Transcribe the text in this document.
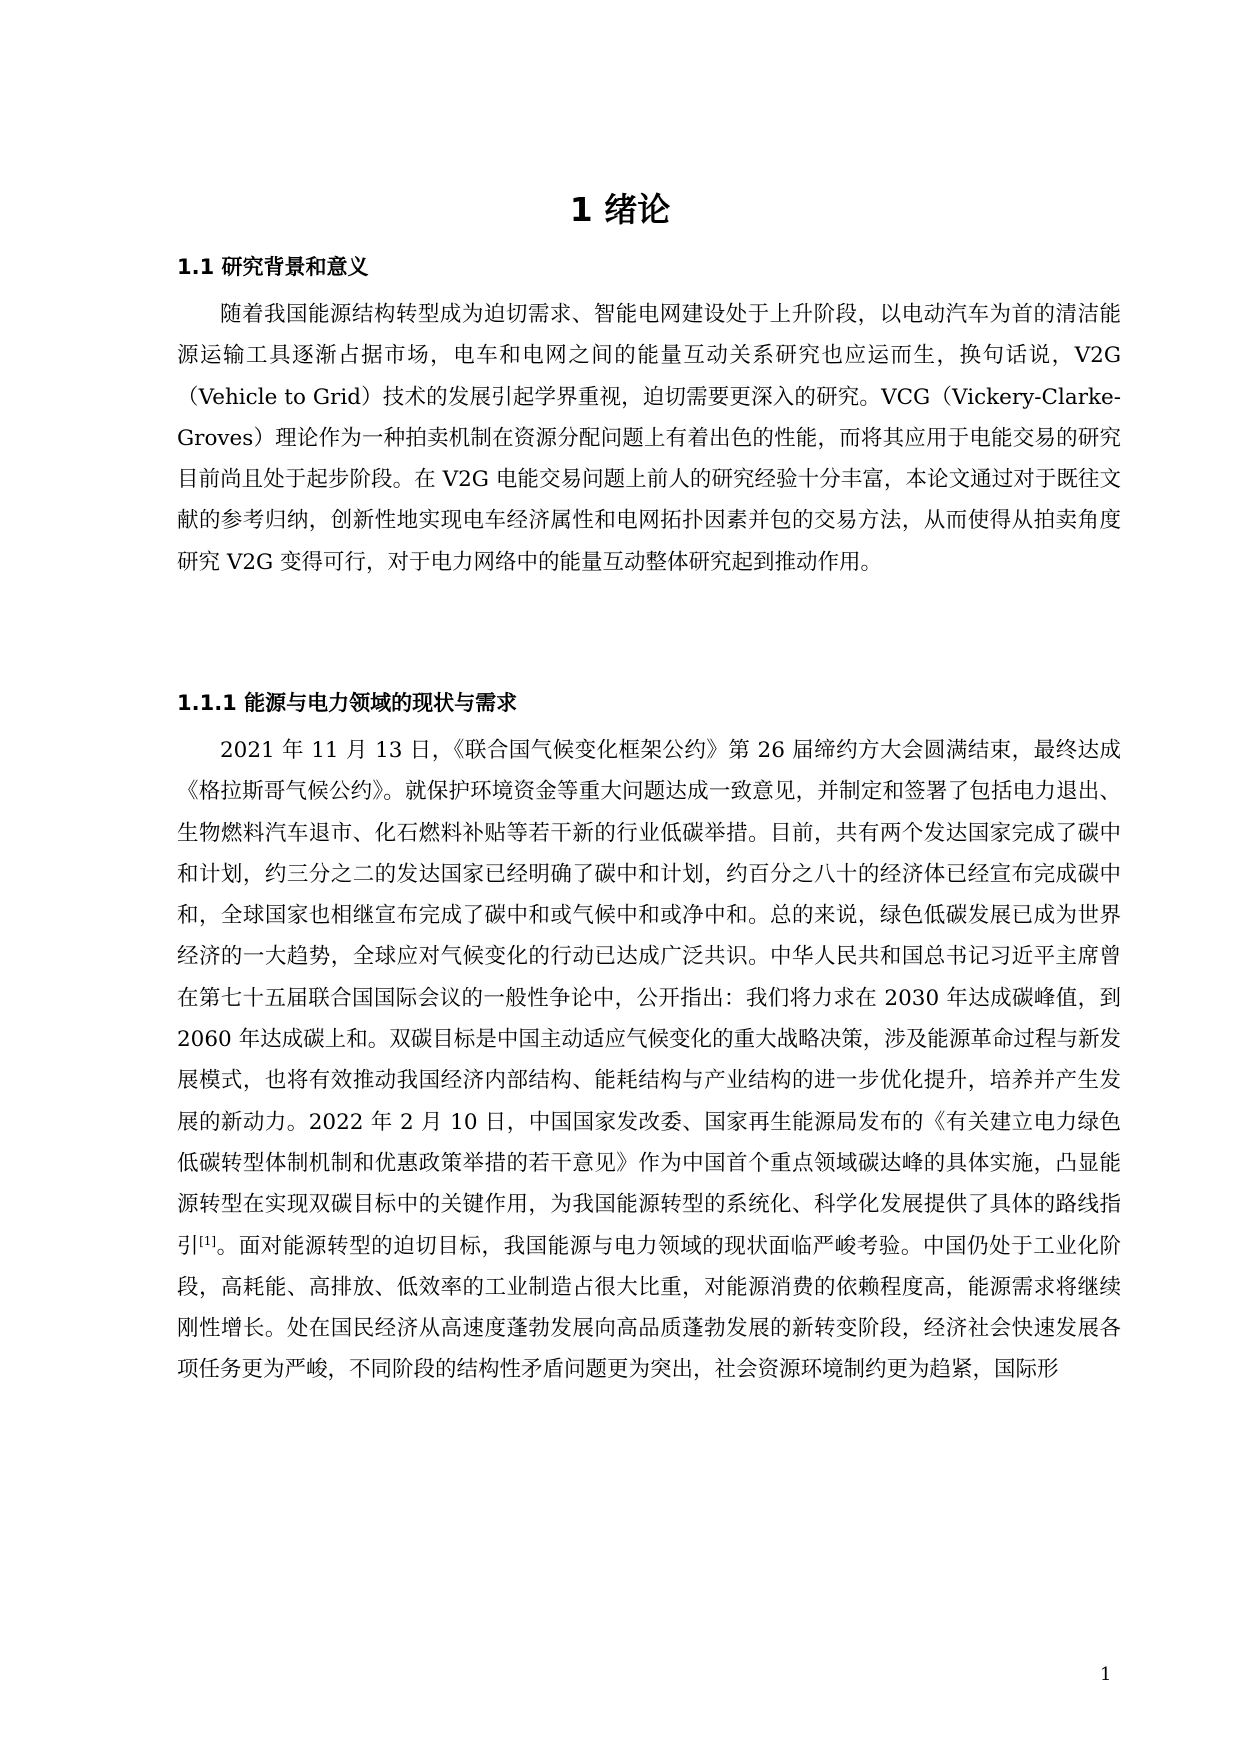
1 绪论
1.1 研究背景和意义

随着我国能源结构转型成为迫切需求、智能电网建设处于上升阶段，以电动汽车为首的清洁能源运输工具逐渐占据市场，电车和电网之间的能量互动关系研究也应运而生，换句话说，V2G（Vehicle to Grid）技术的发展引起学界重视，迫切需要更深入的研究。VCG（Vickery-Clarke-Groves）理论作为一种拍卖机制在资源分配问题上有着出色的性能，而将其应用于电能交易的研究目前尚且处于起步阶段。在 V2G 电能交易问题上前人的研究经验十分丰富，本论文通过对于既往文献的参考归纳，创新性地实现电车经济属性和电网拓扑因素并包的交易方法，从而使得从拍卖角度研究 V2G 变得可行，对于电力网络中的能量互动整体研究起到推动作用。

1.1.1 能源与电力领域的现状与需求

2021 年 11 月 13 日，《联合国气候变化框架公约》第 26 届缔约方大会圆满结束，最终达成《格拉斯哥气候公约》。就保护环境资金等重大问题达成一致意见，并制定和签署了包括电力退出、生物燃料汽车退市、化石燃料补贴等若干新的行业低碳举措。目前，共有两个发达国家完成了碳中和计划，约三分之二的发达国家已经明确了碳中和计划，约百分之八十的经济体已经宣布完成碳中和，全球国家也相继宣布完成了碳中和或气候中和或净中和。总的来说，绿色低碳发展已成为世界经济的一大趋势，全球应对气候变化的行动已达成广泛共识。中华人民共和国总书记习近平主席曾在第七十五届联合国国际会议的一般性争论中，公开指出：我们将力求在 2030 年达成碳峰值，到 2060 年达成碳上和。双碳目标是中国主动适应气候变化的重大战略决策，涉及能源革命过程与新发展模式，也将有效推动我国经济内部结构、能耗结构与产业结构的进一步优化提升，培养并产生发展的新动力。2022 年 2 月 10 日，中国国家发改委、国家再生能源局发布的《有关建立电力绿色低碳转型体制机制和优惠政策举措的若干意见》作为中国首个重点领域碳达峰的具体实施，凸显能源转型在实现双碳目标中的关键作用，为我国能源转型的系统化、科学化发展提供了具体的路线指引[1]。面对能源转型的迫切目标，我国能源与电力领域的现状面临严峻考验。中国仍处于工业化阶段，高耗能、高排放、低效率的工业制造占很大比重，对能源消费的依赖程度高，能源需求将继续刚性增长。处在国民经济从高速度蓬勃发展向高品质蓬勃发展的新转变阶段，经济社会快速发展各项任务更为严峻，不同阶段的结构性矛盾问题更为突出，社会资源环境制约更为趋紧，国际形

1
